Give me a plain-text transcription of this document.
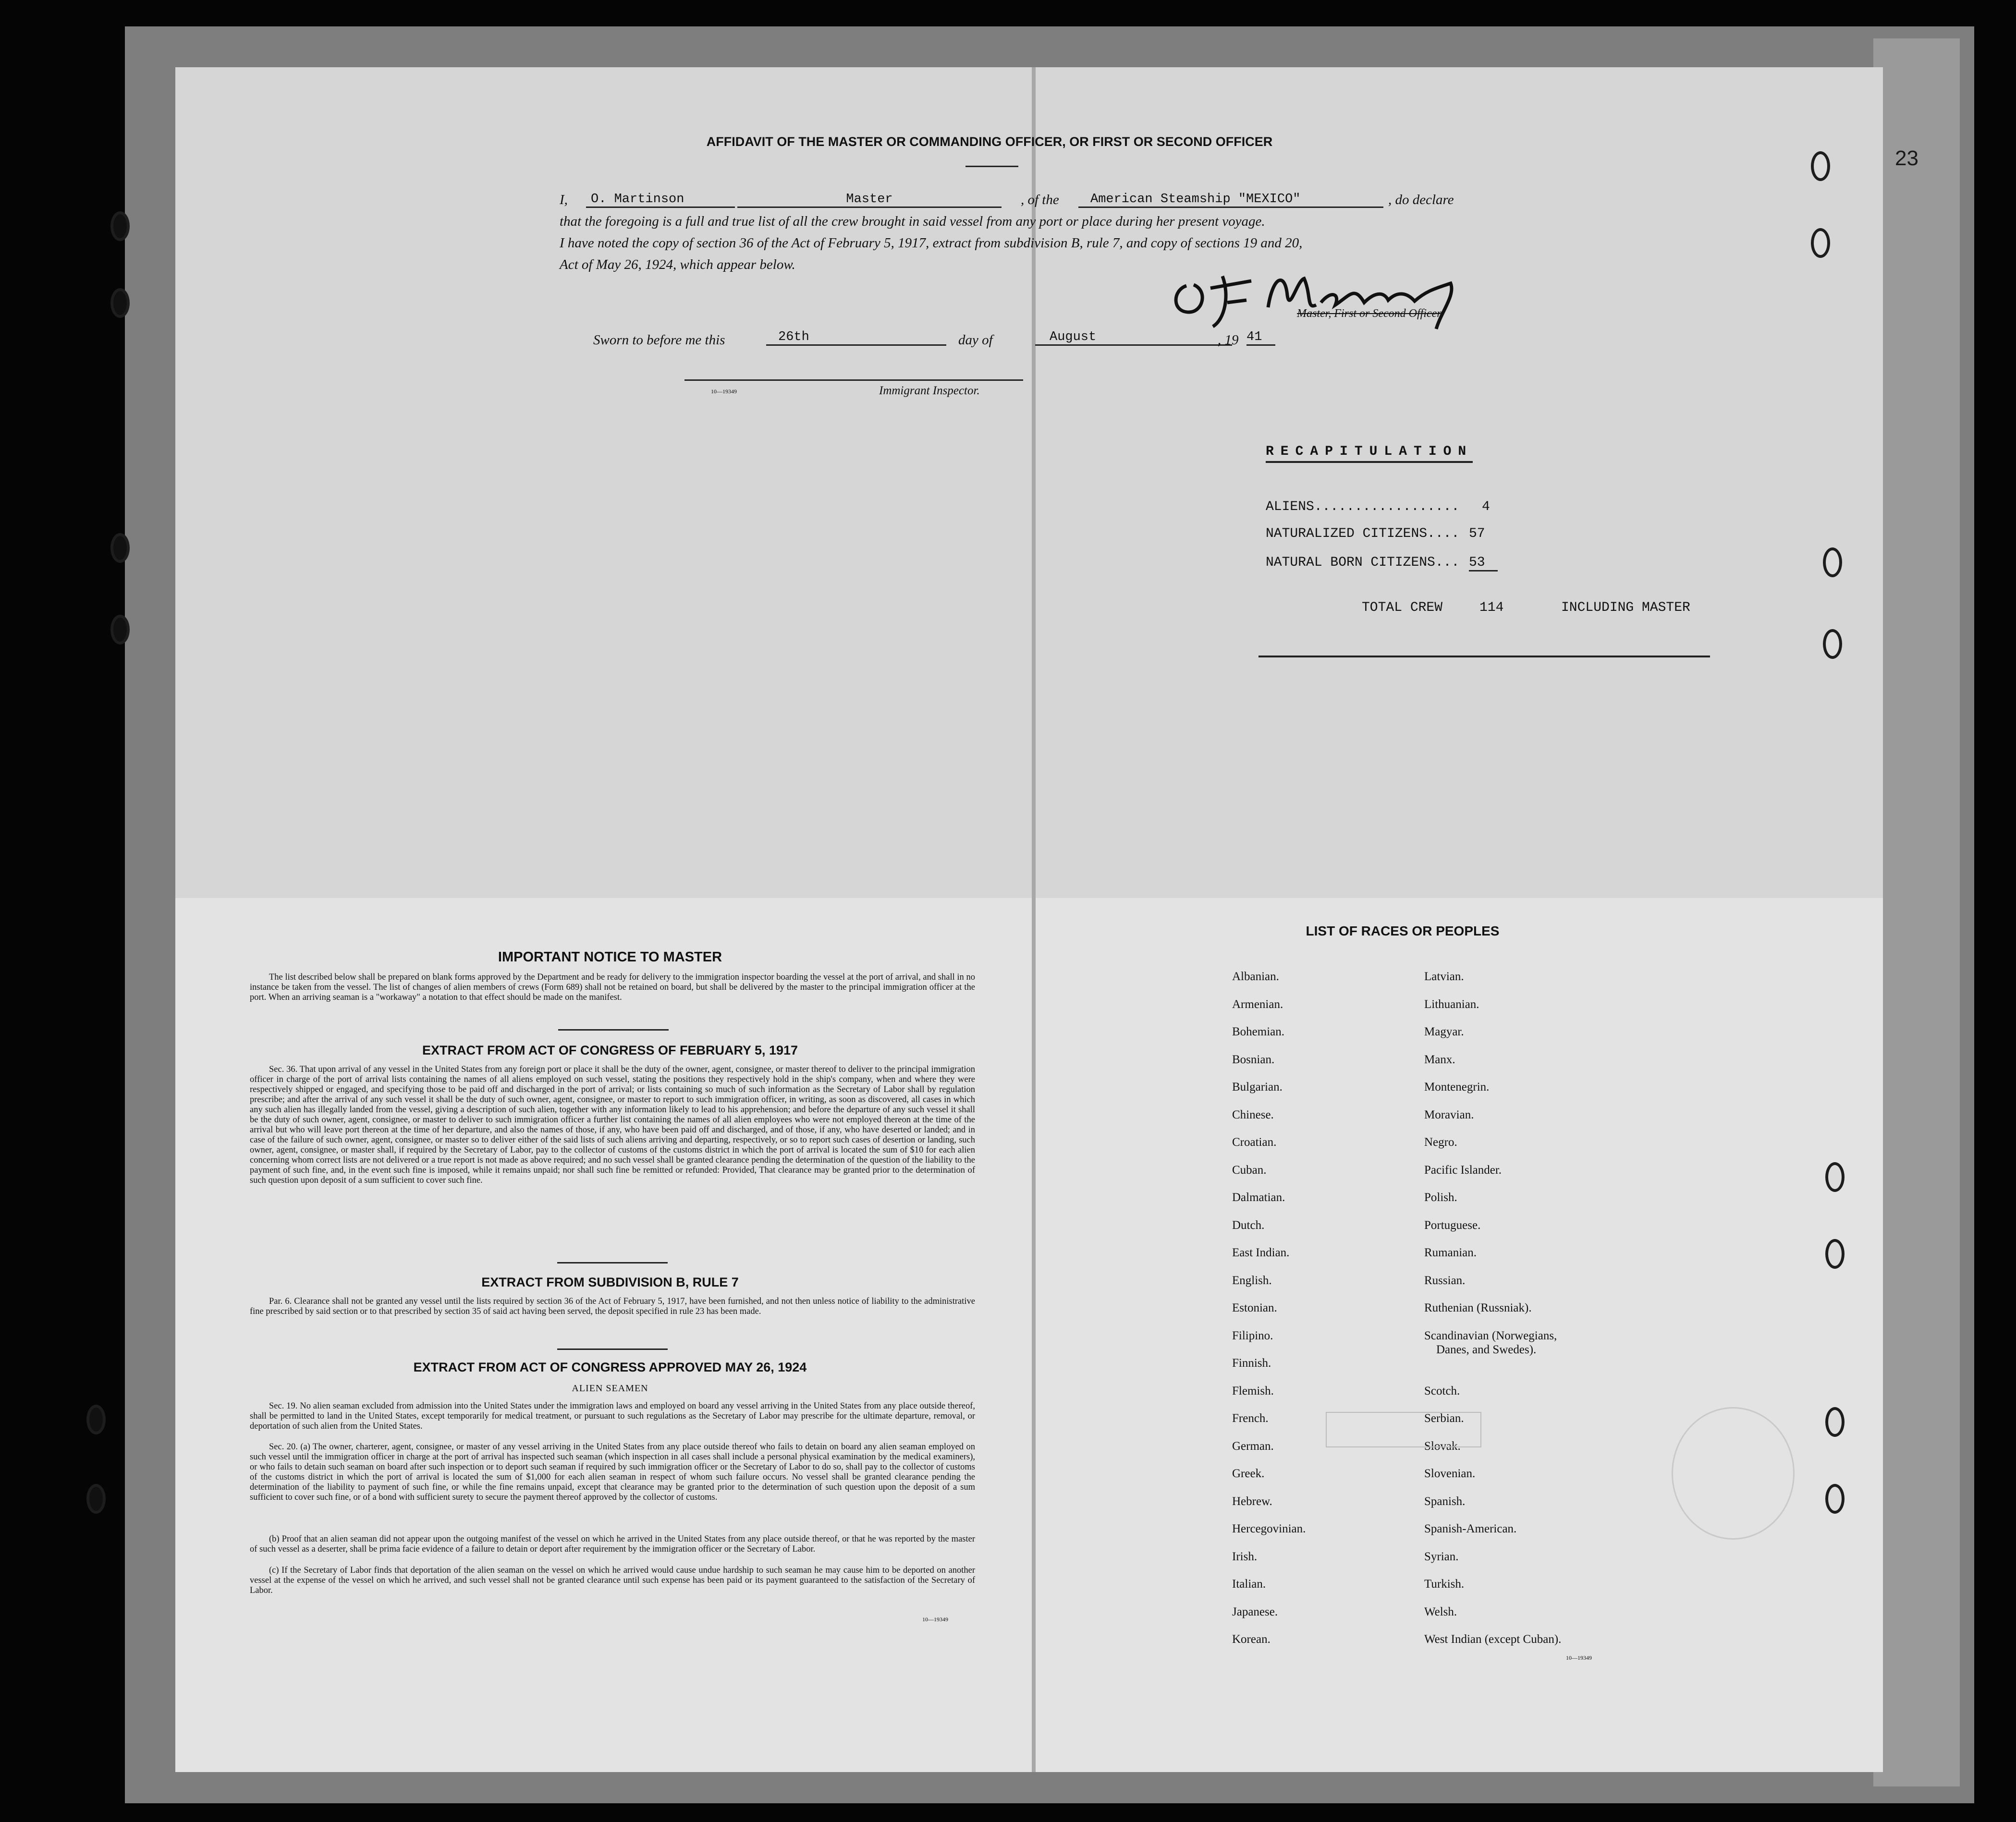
23
AFFIDAVIT OF THE MASTER OR COMMANDING OFFICER, OR FIRST OR SECOND OFFICER
I,	O. Martinson	Master	, of the	American Steamship "MEXICO"	, do declare
that the foregoing is a full and true list of all the crew brought in said vessel from any port or place during her present voyage.
I have noted the copy of section 36 of the Act of February 5, 1917, extract from subdivision B, rule 7, and copy of sections 19 and 20,
Act of May 26, 1924, which appear below.
Master, First or Second Officer.
Sworn to before me this	26th	day of	August	, 19 41
10—19349	Immigrant Inspector.
RECAPITULATION
ALIENS.................. 4
NATURALIZED CITIZENS.... 57
NATURAL BORN CITIZENS... 53
TOTAL CREW	114	INCLUDING MASTER
IMPORTANT NOTICE TO MASTER
The list described below shall be prepared on blank forms approved by the Department and be ready for delivery to the immigration inspector boarding the vessel at the port of arrival, and shall in no instance be taken from the vessel. The list of changes of alien members of crews (Form 689) shall not be retained on board, but shall be delivered by the master to the principal immigration officer at the port. When an arriving seaman is a "workaway" a notation to that effect should be made on the manifest.
EXTRACT FROM ACT OF CONGRESS OF FEBRUARY 5, 1917
Sec. 36. That upon arrival of any vessel in the United States from any foreign port or place it shall be the duty of the owner, agent, consignee, or master thereof to deliver to the principal immigration officer in charge of the port of arrival lists containing the names of all aliens employed on such vessel, stating the positions they respectively hold in the ship's company, when and where they were respectively shipped or engaged, and specifying those to be paid off and discharged in the port of arrival; or lists containing so much of such information as the Secretary of Labor shall by regulation prescribe; and after the arrival of any such vessel it shall be the duty of such owner, agent, consignee, or master to report to such immigration officer, in writing, as soon as discovered, all cases in which any such alien has illegally landed from the vessel, giving a description of such alien, together with any information likely to lead to his apprehension; and before the departure of any such vessel it shall be the duty of such owner, agent, consignee, or master to deliver to such immigration officer a further list containing the names of all alien employees who were not employed thereon at the time of the arrival but who will leave port thereon at the time of her departure, and also the names of those, if any, who have been paid off and discharged, and of those, if any, who have deserted or landed; and in case of the failure of such owner, agent, consignee, or master so to deliver either of the said lists of such aliens arriving and departing, respectively, or so to report such cases of desertion or landing, such owner, agent, consignee, or master shall, if required by the Secretary of Labor, pay to the collector of customs of the customs district in which the port of arrival is located the sum of $10 for each alien concerning whom correct lists are not delivered or a true report is not made as above required; and no such vessel shall be granted clearance pending the determination of the question of the liability to the payment of such fine, and, in the event such fine is imposed, while it remains unpaid; nor shall such fine be remitted or refunded: Provided, That clearance may be granted prior to the determination of such question upon deposit of a sum sufficient to cover such fine.
EXTRACT FROM SUBDIVISION B, RULE 7
Par. 6. Clearance shall not be granted any vessel until the lists required by section 36 of the Act of February 5, 1917, have been furnished, and not then unless notice of liability to the administrative fine prescribed by said section or to that prescribed by section 35 of said act having been served, the deposit specified in rule 23 has been made.
EXTRACT FROM ACT OF CONGRESS APPROVED MAY 26, 1924
ALIEN SEAMEN
Sec. 19. No alien seaman excluded from admission into the United States under the immigration laws and employed on board any vessel arriving in the United States from any place outside thereof, shall be permitted to land in the United States, except temporarily for medical treatment, or pursuant to such regulations as the Secretary of Labor may prescribe for the ultimate departure, removal, or deportation of such alien from the United States.
Sec. 20. (a) The owner, charterer, agent, consignee, or master of any vessel arriving in the United States from any place outside thereof who fails to detain on board any alien seaman employed on such vessel until the immigration officer in charge at the port of arrival has inspected such seaman (which inspection in all cases shall include a personal physical examination by the medical examiners), or who fails to detain such seaman on board after such inspection or to deport such seaman if required by such immigration officer or the Secretary of Labor to do so, shall pay to the collector of customs of the customs district in which the port of arrival is located the sum of $1,000 for each alien seaman in respect of whom such failure occurs. No vessel shall be granted clearance pending the determination of the liability to payment of such fine, or while the fine remains unpaid, except that clearance may be granted prior to the determination of such question upon the deposit of a sum sufficient to cover such fine, or of a bond with sufficient surety to secure the payment thereof approved by the collector of customs.
(b) Proof that an alien seaman did not appear upon the outgoing manifest of the vessel on which he arrived in the United States from any place outside thereof, or that he was reported by the master of such vessel as a deserter, shall be prima facie evidence of a failure to detain or deport after requirement by the immigration officer or the Secretary of Labor.
(c) If the Secretary of Labor finds that deportation of the alien seaman on the vessel on which he arrived would cause undue hardship to such seaman he may cause him to be deported on another vessel at the expense of the vessel on which he arrived, and such vessel shall not be granted clearance until such expense has been paid or its payment guaranteed to the satisfaction of the Secretary of Labor.
10—19349
LIST OF RACES OR PEOPLES
Albanian.
Armenian.
Bohemian.
Bosnian.
Bulgarian.
Chinese.
Croatian.
Cuban.
Dalmatian.
Dutch.
East Indian.
English.
Estonian.
Filipino.
Finnish.
Flemish.
French.
German.
Greek.
Hebrew.
Hercegovinian.
Irish.
Italian.
Japanese.
Korean.
Latvian.
Lithuanian.
Magyar.
Manx.
Montenegrin.
Moravian.
Negro.
Pacific Islander.
Polish.
Portuguese.
Rumanian.
Russian.
Ruthenian (Russniak).
Scandinavian (Norwegians,
Danes, and Swedes).
Scotch.
Serbian.
Slovak.
Slovenian.
Spanish.
Spanish-American.
Syrian.
Turkish.
Welsh.
West Indian (except Cuban).
10—19349
